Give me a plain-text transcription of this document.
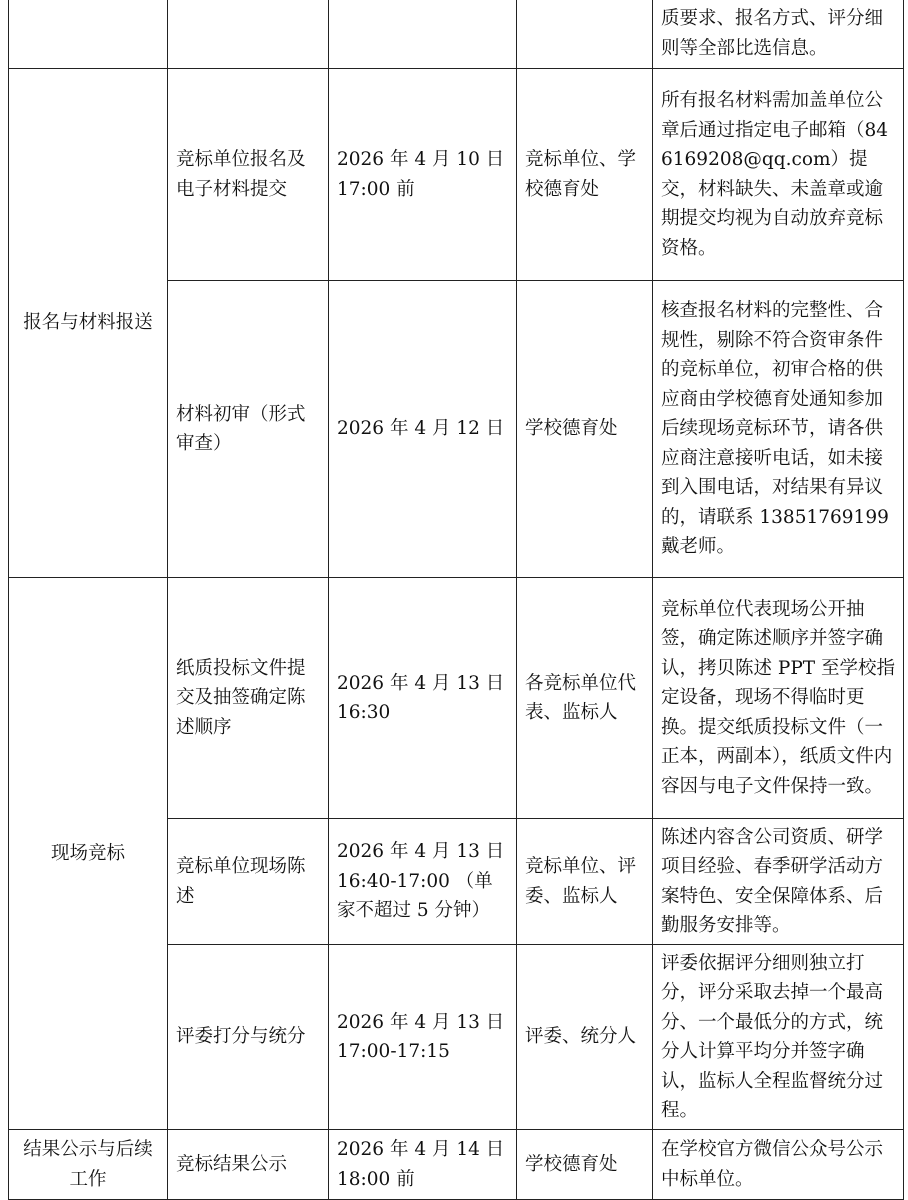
				质要求、报名方式、评分细则等全部比选信息。
报名与材料报送	竞标单位报名及电子材料提交	2026 年 4 月 10 日 17:00 前	竞标单位、学校德育处	所有报名材料需加盖单位公章后通过指定电子邮箱（846169208@qq.com）提交，材料缺失、未盖章或逾期提交均视为自动放弃竞标资格。
	材料初审（形式审查）	2026 年 4 月 12 日	学校德育处	核查报名材料的完整性、合规性，剔除不符合资审条件的竞标单位，初审合格的供应商由学校德育处通知参加后续现场竞标环节，请各供应商注意接听电话，如未接到入围电话，对结果有异议的，请联系 13851769199 戴老师。
现场竞标	纸质投标文件提交及抽签确定陈述顺序	2026 年 4 月 13 日 16:30	各竞标单位代表、监标人	竞标单位代表现场公开抽签，确定陈述顺序并签字确认，拷贝陈述 PPT 至学校指定设备，现场不得临时更换。提交纸质投标文件（一正本，两副本），纸质文件内容因与电子文件保持一致。
	竞标单位现场陈述	2026 年 4 月 13 日 16:40-17:00 （单家不超过 5 分钟）	竞标单位、评委、监标人	陈述内容含公司资质、研学项目经验、春季研学活动方案特色、安全保障体系、后勤服务安排等。
	评委打分与统分	2026 年 4 月 13 日 17:00-17:15	评委、统分人	评委依据评分细则独立打分，评分采取去掉一个最高分、一个最低分的方式，统分人计算平均分并签字确认，监标人全程监督统分过程。
结果公示与后续工作	竞标结果公示	2026 年 4 月 14 日 18:00 前	学校德育处	在学校官方微信公众号公示中标单位。
